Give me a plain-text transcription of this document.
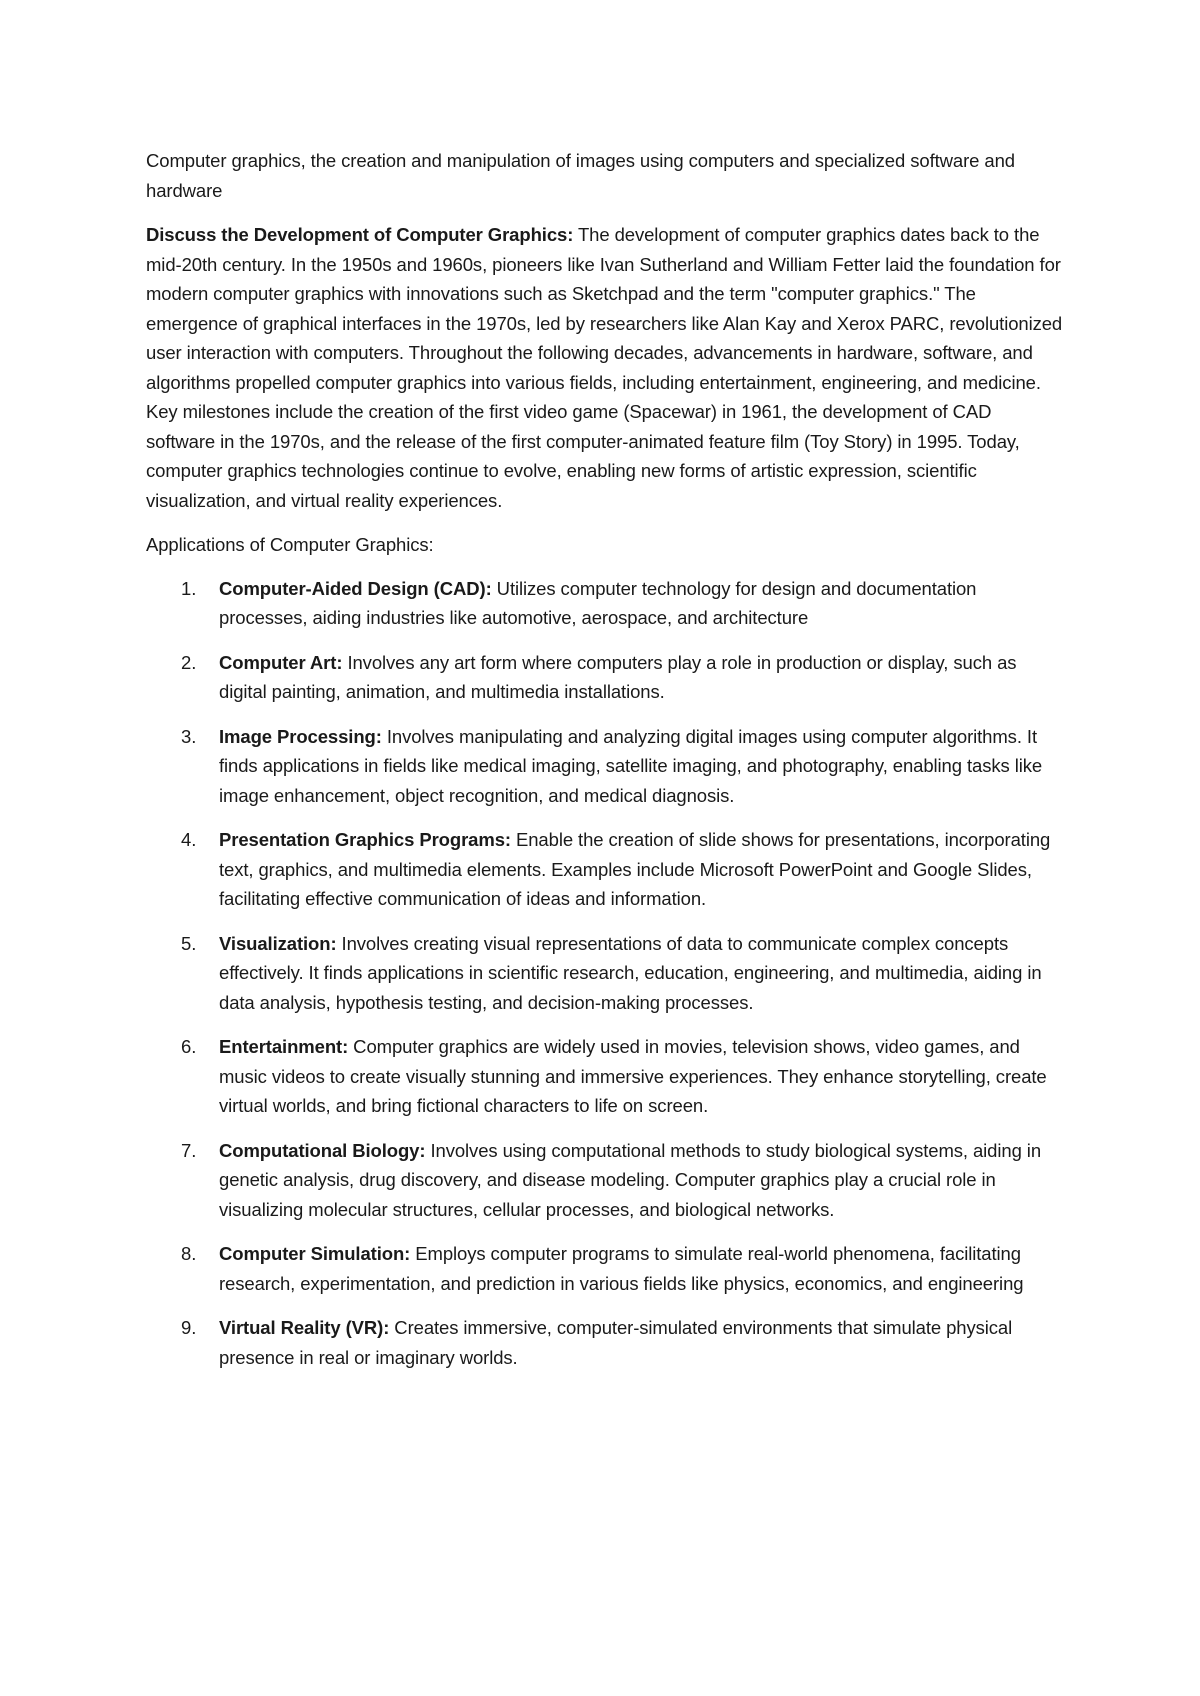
Computer graphics, the creation and manipulation of images using computers and specialized software and hardware

Discuss the Development of Computer Graphics: The development of computer graphics dates back to the mid-20th century. In the 1950s and 1960s, pioneers like Ivan Sutherland and William Fetter laid the foundation for modern computer graphics with innovations such as Sketchpad and the term "computer graphics." The emergence of graphical interfaces in the 1970s, led by researchers like Alan Kay and Xerox PARC, revolutionized user interaction with computers. Throughout the following decades, advancements in hardware, software, and algorithms propelled computer graphics into various fields, including entertainment, engineering, and medicine. Key milestones include the creation of the first video game (Spacewar) in 1961, the development of CAD software in the 1970s, and the release of the first computer-animated feature film (Toy Story) in 1995. Today, computer graphics technologies continue to evolve, enabling new forms of artistic expression, scientific visualization, and virtual reality experiences.

Applications of Computer Graphics:

1. Computer-Aided Design (CAD): Utilizes computer technology for design and documentation processes, aiding industries like automotive, aerospace, and architecture
2. Computer Art: Involves any art form where computers play a role in production or display, such as digital painting, animation, and multimedia installations.
3. Image Processing: Involves manipulating and analyzing digital images using computer algorithms. It finds applications in fields like medical imaging, satellite imaging, and photography, enabling tasks like image enhancement, object recognition, and medical diagnosis.
4. Presentation Graphics Programs: Enable the creation of slide shows for presentations, incorporating text, graphics, and multimedia elements. Examples include Microsoft PowerPoint and Google Slides, facilitating effective communication of ideas and information.
5. Visualization: Involves creating visual representations of data to communicate complex concepts effectively. It finds applications in scientific research, education, engineering, and multimedia, aiding in data analysis, hypothesis testing, and decision-making processes.
6. Entertainment: Computer graphics are widely used in movies, television shows, video games, and music videos to create visually stunning and immersive experiences. They enhance storytelling, create virtual worlds, and bring fictional characters to life on screen.
7. Computational Biology: Involves using computational methods to study biological systems, aiding in genetic analysis, drug discovery, and disease modeling. Computer graphics play a crucial role in visualizing molecular structures, cellular processes, and biological networks.
8. Computer Simulation: Employs computer programs to simulate real-world phenomena, facilitating research, experimentation, and prediction in various fields like physics, economics, and engineering
9. Virtual Reality (VR): Creates immersive, computer-simulated environments that simulate physical presence in real or imaginary worlds.
